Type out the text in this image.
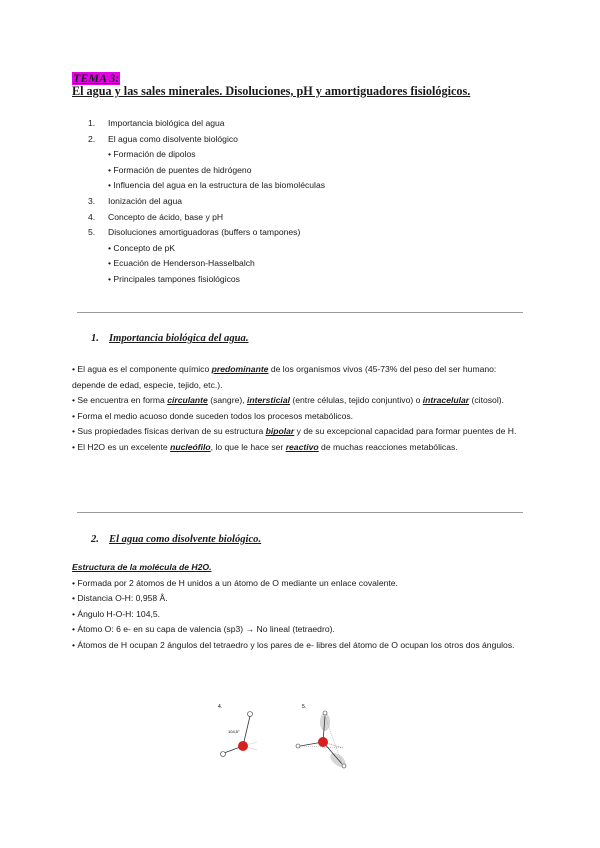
TEMA 3:
El agua y las sales minerales. Disoluciones, pH y amortiguadores fisiológicos.
1. Importancia biológica del agua
2. El agua como disolvente biológico
• Formación de dipolos
• Formación de puentes de hidrógeno
• Influencia del agua en la estructura de las biomoléculas
3. Ionización del agua
4. Concepto de ácido, base y pH
5. Disoluciones amortiguadoras (buffers o tampones)
• Concepto de pK
• Ecuación de Henderson-Hasselbalch
• Principales tampones fisiológicos
1. Importancia biológica del agua.

• El agua es el componente químico predominante de los organismos vivos (45-73% del peso del ser humano: depende de edad, especie, tejido, etc.).

• Se encuentra en forma circulante (sangre), intersticial (entre células, tejido conjuntivo) o intracelular (citosol).

• Forma el medio acuoso donde suceden todos los procesos metabólicos.

• Sus propiedades físicas derivan de su estructura bipolar y de su excepcional capacidad para formar puentes de H.

• El H2O es un excelente nucleófilo, lo que le hace ser reactivo de muchas reacciones metabólicas.

2. El agua como disolvente biológico.

Estructura de la molécula de H2O.

• Formada por 2 átomos de H unidos a un átomo de O mediante un enlace covalente.

• Distancia O-H: 0,958 Å.

• Ángulo H-O-H: 104,5.

• Átomo O: 6 e- en su capa de valencia (sp3) → No lineal (tetraedro).

• Átomos de H ocupan 2 ángulos del tetraedro y los pares de e- libres del átomo de O ocupan los otros dos ángulos.

4.	5.
104,5°
